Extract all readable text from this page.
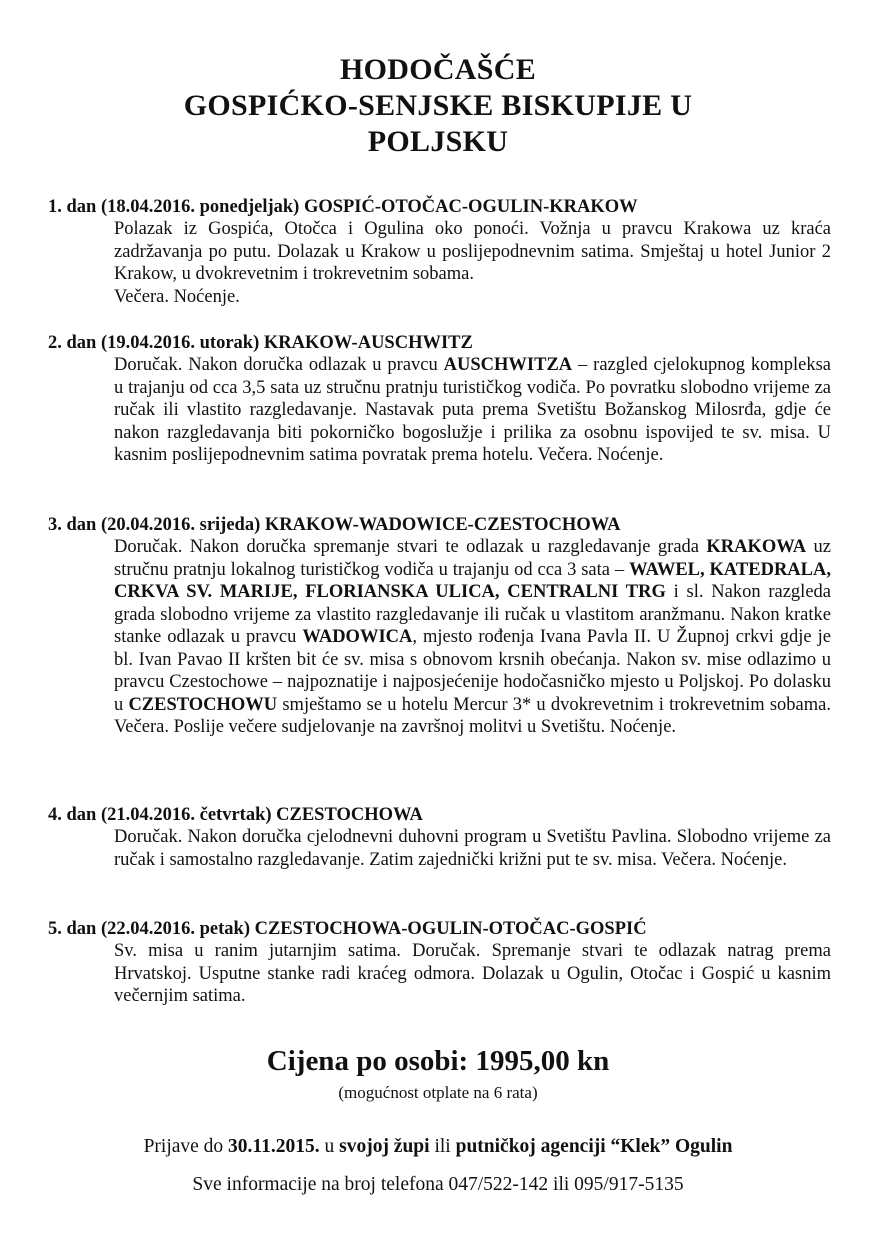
HODOČAŠĆE
GOSPIĆKO-SENJSKE BISKUPIJE U
POLJSKU
1. dan (18.04.2016. ponedjeljak) GOSPIĆ-OTOČAC-OGULIN-KRAKOW
Polazak iz Gospića, Otočca i Ogulina oko ponoći. Vožnja u pravcu Krakowa uz kraća zadržavanja po putu. Dolazak u Krakow u poslijepodnevnim satima. Smještaj u hotel Junior 2 Krakow, u dvokrevetnim i trokrevetnim sobama.
Večera. Noćenje.
2. dan (19.04.2016. utorak) KRAKOW-AUSCHWITZ
Doručak. Nakon doručka odlazak u pravcu AUSCHWITZA – razgled cjelokupnog kompleksa u trajanju od cca 3,5 sata uz stručnu pratnju turističkog vodiča. Po povratku slobodno vrijeme za ručak ili vlastito razgledavanje. Nastavak puta prema Svetištu Božanskog Milosrđa, gdje će nakon razgledavanja biti pokorničko bogoslužje i prilika za osobnu ispovijed te sv. misa. U kasnim poslijepodnevnim satima povratak prema hotelu. Večera. Noćenje.
3. dan (20.04.2016. srijeda) KRAKOW-WADOWICE-CZESTOCHOWA
Doručak. Nakon doručka spremanje stvari te odlazak u razgledavanje grada KRAKOWA uz stručnu pratnju lokalnog turističkog vodiča u trajanju od cca 3 sata – WAWEL, KATEDRALA, CRKVA SV. MARIJE, FLORIANSKA ULICA, CENTRALNI TRG i sl. Nakon razgleda grada slobodno vrijeme za vlastito razgledavanje ili ručak u vlastitom aranžmanu. Nakon kratke stanke odlazak u pravcu WADOWICA, mjesto rođenja Ivana Pavla II. U Župnoj crkvi gdje je bl. Ivan Pavao II kršten bit će sv. misa s obnovom krsnih obećanja. Nakon sv. mise odlazimo u pravcu Czestochowe – najpoznatije i najposjećenije hodočasničko mjesto u Poljskoj. Po dolasku u CZESTOCHOWU smještamo se u hotelu Mercur 3* u dvokrevetnim i trokrevetnim sobama. Večera. Poslije večere sudjelovanje na završnoj molitvi u Svetištu. Noćenje.
4. dan (21.04.2016. četvrtak) CZESTOCHOWA
Doručak. Nakon doručka cjelodnevni duhovni program u Svetištu Pavlina. Slobodno vrijeme za ručak i samostalno razgledavanje. Zatim zajednički križni put te sv. misa. Večera. Noćenje.
5. dan (22.04.2016. petak) CZESTOCHOWA-OGULIN-OTOČAC-GOSPIĆ
Sv. misa u ranim jutarnjim satima. Doručak. Spremanje stvari te odlazak natrag prema Hrvatskoj. Usputne stanke radi kraćeg odmora. Dolazak u Ogulin, Otočac i Gospić u kasnim večernjim satima.
Cijena po osobi: 1995,00 kn
(mogućnost otplate na 6 rata)
Prijave do 30.11.2015. u svojoj župi ili putničkoj agenciji “Klek” Ogulin
Sve informacije na broj telefona 047/522-142 ili 095/917-5135
